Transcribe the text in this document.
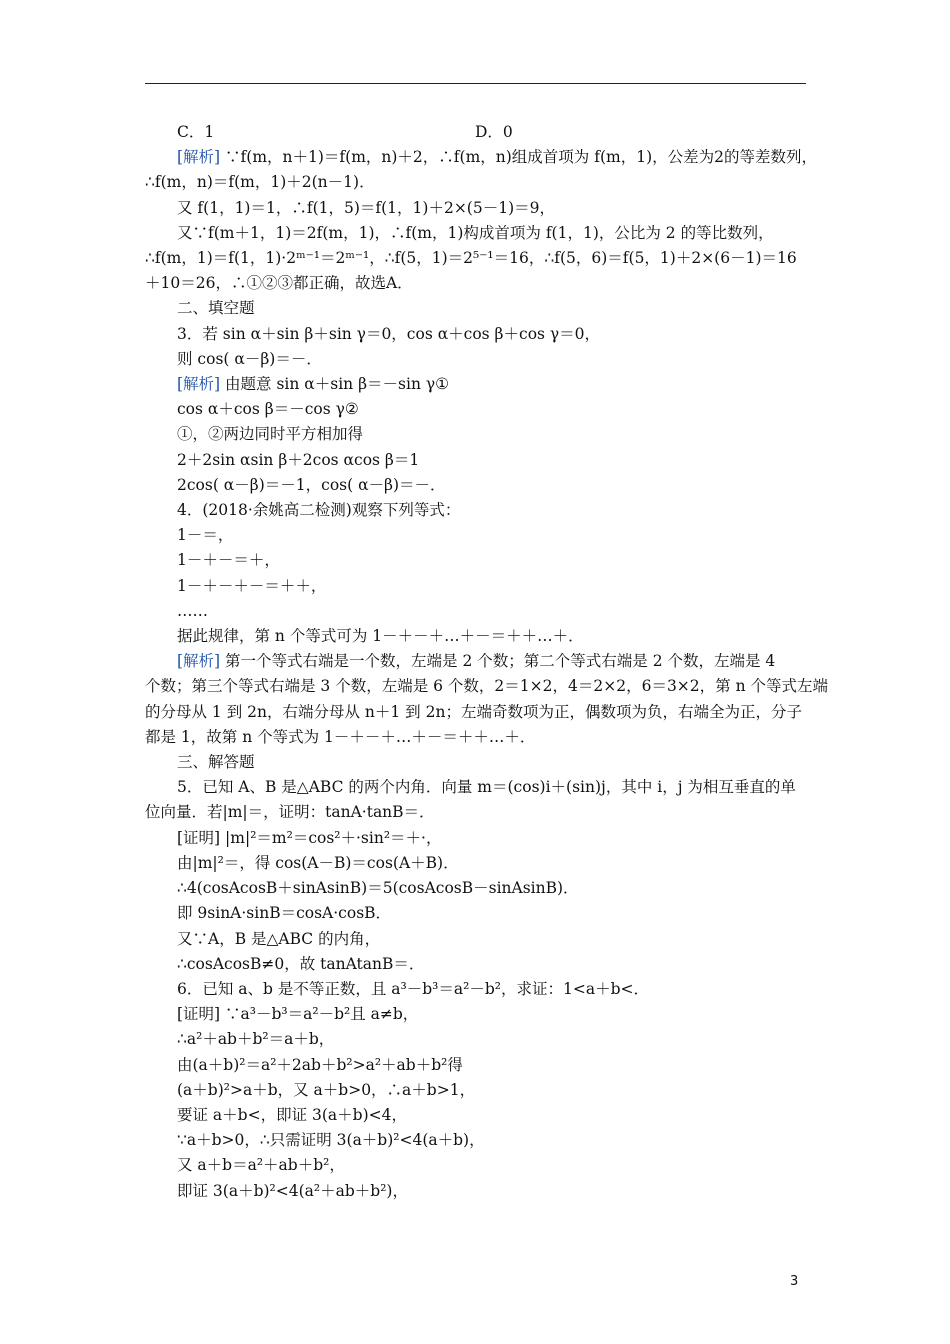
C．1	D．0
[解析] ∵f(m，n＋1)＝f(m，n)＋2，∴f(m，n)组成首项为 f(m，1)，公差为2的等差数列，
∴f(m，n)＝f(m，1)＋2(n－1)．
又 f(1，1)＝1，∴f(1，5)＝f(1，1)＋2×(5－1)＝9，
又∵f(m＋1，1)＝2f(m，1)，∴f(m，1)构成首项为 f(1，1)，公比为 2 的等比数列，
∴f(m，1)＝f(1，1)·2ᵐ⁻¹＝2ᵐ⁻¹，∴f(5，1)＝2⁵⁻¹＝16，∴f(5，6)＝f(5，1)＋2×(6－1)＝16
＋10＝26，∴①②③都正确，故选A．
二、填空题
3．若 sin α＋sin β＋sin γ＝0，cos α＋cos β＋cos γ＝0，
则 cos( α－β)＝－．
[解析] 由题意 sin α＋sin β＝－sin γ①
cos α＋cos β＝－cos γ②
①，②两边同时平方相加得
2＋2sin αsin β＋2cos αcos β＝1
2cos( α－β)＝－1，cos( α－β)＝－．
4．(2018·余姚高二检测)观察下列等式：
1－＝，
1－＋－＝＋，
1－＋－＋－＝＋＋，
……
据此规律，第 n 个等式可为 1－＋－＋…＋－＝＋＋…＋．
[解析] 第一个等式右端是一个数，左端是 2 个数；第二个等式右端是 2 个数，左端是 4
个数；第三个等式右端是 3 个数，左端是 6 个数，2＝1×2，4＝2×2，6＝3×2，第 n 个等式左端
的分母从 1 到 2n，右端分母从 n＋1 到 2n；左端奇数项为正，偶数项为负，右端全为正，分子
都是 1，故第 n 个等式为 1－＋－＋…＋－＝＋＋…＋．
三、解答题
5．已知 A、B 是△ABC 的两个内角．向量 m＝(cos)i＋(sin)j，其中 i，j 为相互垂直的单
位向量．若|m|＝，证明：tanA·tanB＝．
[证明] |m|²＝m²＝cos²＋·sin²＝＋·，
由|m|²＝，得 cos(A－B)＝cos(A＋B)．
∴4(cosAcosB＋sinAsinB)＝5(cosAcosB－sinAsinB)．
即 9sinA·sinB＝cosA·cosB．
又∵A，B 是△ABC 的内角，
∴cosAcosB≠0，故 tanAtanB＝．
6．已知 a、b 是不等正数，且 a³－b³＝a²－b²，求证：1<a＋b<．
[证明] ∵a³－b³＝a²－b²且 a≠b，
∴a²＋ab＋b²＝a＋b，
由(a＋b)²＝a²＋2ab＋b²>a²＋ab＋b²得
(a＋b)²>a＋b，又 a＋b>0，∴a＋b>1，
要证 a＋b<，即证 3(a＋b)<4，
∵a＋b>0，∴只需证明 3(a＋b)²<4(a＋b)，
又 a＋b＝a²＋ab＋b²，
即证 3(a＋b)²<4(a²＋ab＋b²)，
3
